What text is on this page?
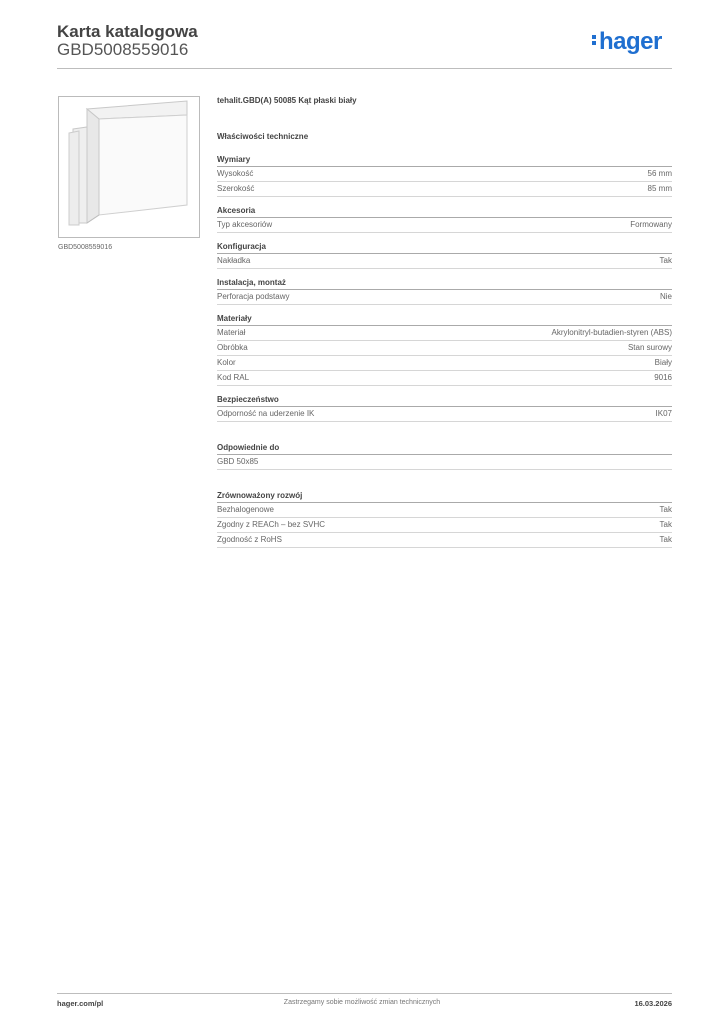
Karta katalogowa
GBD5008559016	hager
GBD5008559016
tehalit.GBD(A) 50085 Kąt płaski biały
Właściwości techniczne
Wymiary
Wysokość	56 mm
Szerokość	85 mm
Akcesoria
Typ akcesoriów	Formowany
Konfiguracja
Nakładka	Tak
Instalacja, montaż
Perforacja podstawy	Nie
Materiały
Materiał	Akrylonitryl-butadien-styren (ABS)
Obróbka	Stan surowy
Kolor	Biały
Kod RAL	9016
Bezpieczeństwo
Odporność na uderzenie IK	IK07
Odpowiednie do
GBD 50x85
Zrównoważony rozwój
Bezhalogenowe	Tak
Zgodny z REACh – bez SVHC	Tak
Zgodność z RoHS	Tak
Zastrzegamy sobie możliwość zmian technicznych
hager.com/pl	16.03.2026
